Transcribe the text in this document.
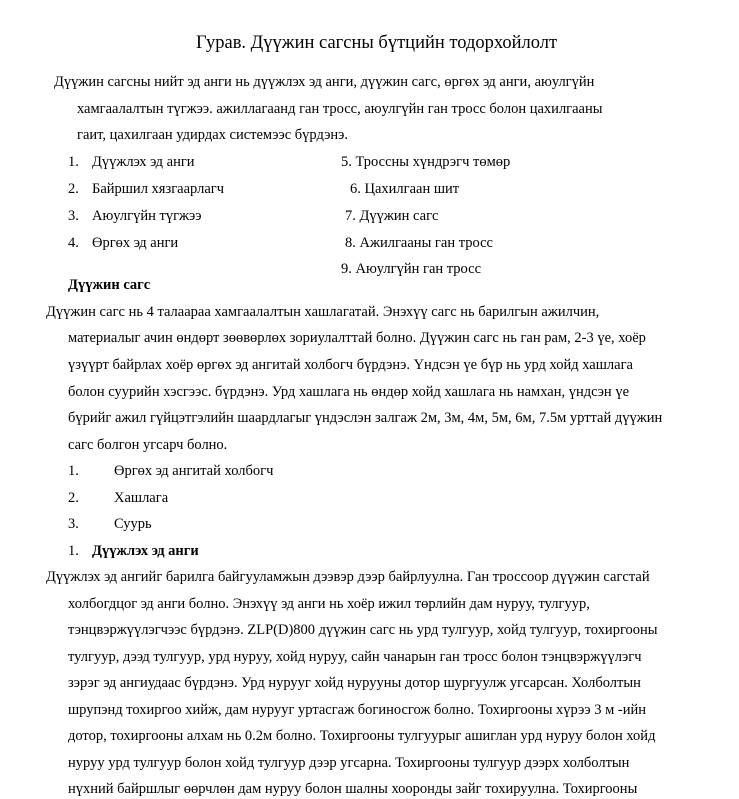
Гурав. Дүүжин сагсны бүтцийн тодорхойлолт
Дүүжин сагсны нийт эд анги нь дүүжлэх эд анги, дүүжин сагс, өргөх эд анги, аюулгүйн
хамгаалалтын түгжээ. ажиллагаанд ган тросс, аюулгүйн ган тросс болон цахилгааны
гаит, цахилгаан удирдах системээс бүрдэнэ.
1. Дүүжлэх эд анги
2. Байршил хязгаарлагч
3. Аюулгүйн түгжээ
4. Өргөх эд анги
5. Троссны хүндрэгч төмөр
6. Цахилгаан шит
7. Дүүжин сагс
8. Ажилгааны ган тросс
9. Аюулгүйн ган тросс
Дүүжин сагс
Дүүжин сагс нь 4 талаараа хамгаалалтын хашлагатай. Энэхүү сагс нь барилгын ажилчин,
материалыг ачин өндөрт зөөвөрлөх зориулалттай болно. Дүүжин сагс нь ган рам, 2-3 үе, хоёр
үзүүрт байрлах хоёр өргөх эд ангитай холбогч бүрдэнэ. Үндсэн үе бүр нь урд хойд хашлага
болон суурийн хэсгээс. бүрдэнэ. Урд хашлага нь өндөр хойд хашлага нь намхан, үндсэн үе
бүрийг ажил гүйцэтгэлийн шаардлагыг үндэслэн залгаж 2м, 3м, 4м, 5м, 6м, 7.5м урттай дүүжин
сагс болгон угсарч болно.
1. Өргөх эд ангитай холбогч
2. Хашлага
3. Суурь
1. Дүүжлэх эд анги
Дүүжлэх эд ангийг барилга байгууламжын дээвэр дээр байрлуулна. Ган троссоор дүүжин сагстай
холбогдцог эд анги болно. Энэхүү эд анги нь хоёр ижил төрлийн дам нуруу, тулгуур,
тэнцвэржүүлэгчээс бүрдэнэ. ZLP(D)800 дүүжин сагс нь урд тулгуур, хойд тулгуур, тохиргооны
тулгуур, дээд тулгуур, урд нуруу, хойд нуруу, сайн чанарын ган тросс болон тэнцвэржүүлэгч
зэрэг эд ангиудаас бүрдэнэ. Урд нурууг хойд нурууны дотор шургуулж угсарсан. Холболтын
шрупэнд тохиргоо хийж, дам нурууг уртасгаж богиносгож болно. Тохиргооны хүрээ 3 м -ийн
дотор, тохиргооны алхам нь 0.2м болно. Тохиргооны тулгуурыг ашиглан урд нуруу болон хойд
нуруу урд тулгуур болон хойд тулгуур дээр угсарна. Тохиргооны тулгуур дээрх холболтын
нүхний байршлыг өөрчлөн дам нуруу болон шалны хооронды зайг тохируулна. Тохиргооны
